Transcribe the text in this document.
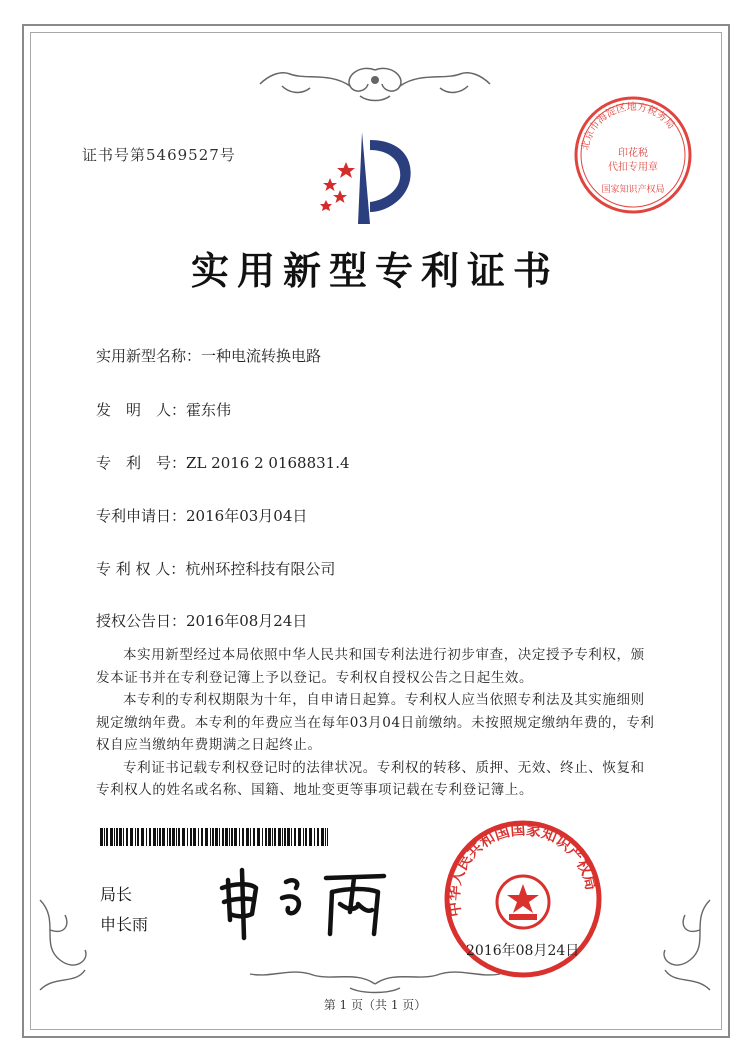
证书号第5469527号
北京市海淀区地方税务局
印花税
代扣专用章
国家知识产权局
实用新型专利证书
实用新型名称：一种电流转换电路
发　明　人：霍东伟
专　利　号：ZL 2016 2 0168831.4
专利申请日：2016年03月04日
专 利 权 人：杭州环控科技有限公司
授权公告日：2016年08月24日

本实用新型经过本局依照中华人民共和国专利法进行初步审查，决定授予专利权，颁发本证书并在专利登记簿上予以登记。专利权自授权公告之日起生效。

本专利的专利权期限为十年，自申请日起算。专利权人应当依照专利法及其实施细则规定缴纳年费。本专利的年费应当在每年03月04日前缴纳。未按照规定缴纳年费的，专利权自应当缴纳年费期满之日起终止。

专利证书记载专利权登记时的法律状况。专利权的转移、质押、无效、终止、恢复和专利权人的姓名或名称、国籍、地址变更等事项记载在专利登记簿上。

局长
申长雨
中华人民共和国国家知识产权局
2016年08月24日
第 1 页（共 1 页）
